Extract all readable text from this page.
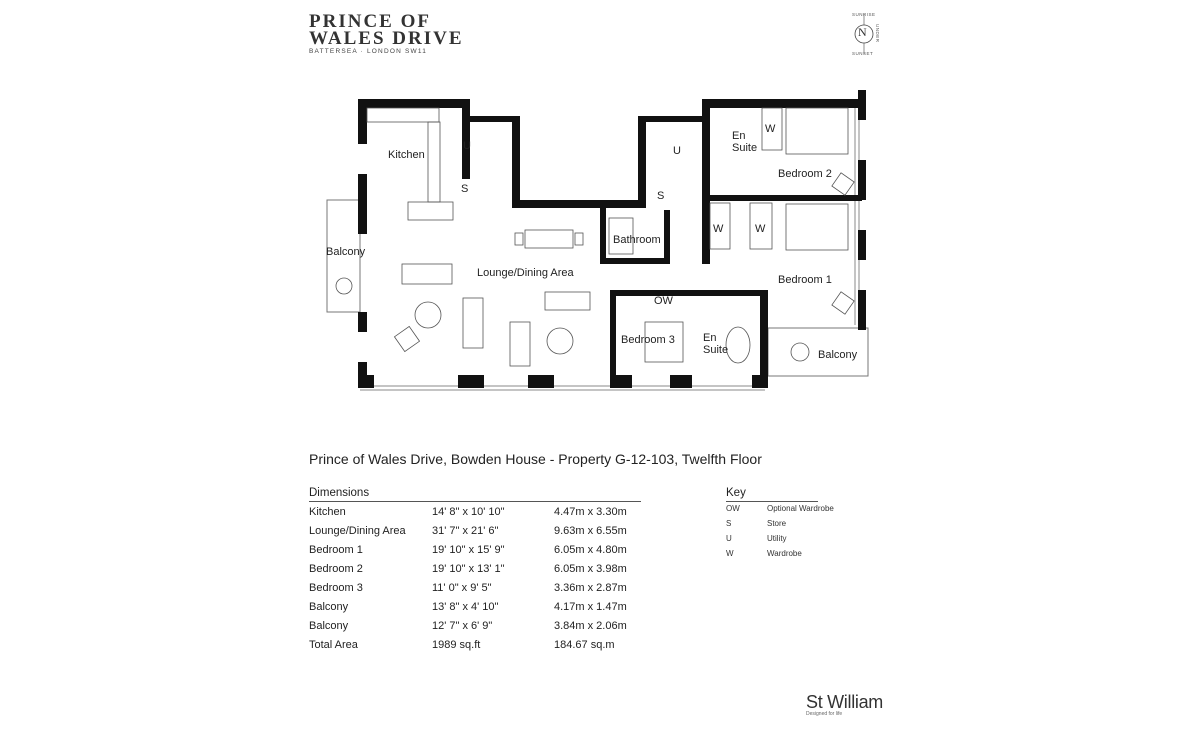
PRINCE OF
WALES DRIVE
BATTERSEA · LONDON SW11
N
SUNRISE
SUNSET
UNDER
Kitchen
Balcony
Lounge/Dining Area
U
S
U
S
Bathroom
En
Suite
W
Bedroom 2
W	W
Bedroom 1
OW
Bedroom 3	En
Suite	Balcony
Prince of Wales Drive, Bowden House - Property G-12-103, Twelfth Floor
Dimensions
Kitchen	14' 8" x 10' 10"	4.47m x 3.30m
Lounge/Dining Area 31' 7" x 21' 6"	9.63m x 6.55m
Bedroom 1	19' 10" x 15' 9"	6.05m x 4.80m
Bedroom 2	19' 10" x 13' 1"	6.05m x 3.98m
Bedroom 3	11' 0" x 9' 5"	3.36m x 2.87m
Balcony	13' 8" x 4' 10"	4.17m x 1.47m
Balcony	12' 7" x 6' 9"	3.84m x 2.06m
Total Area	1989 sq.ft	184.67 sq.m
Key
OW	Optional Wardrobe
S	Store
U	Utility
W	Wardrobe
St William
Designed for life
